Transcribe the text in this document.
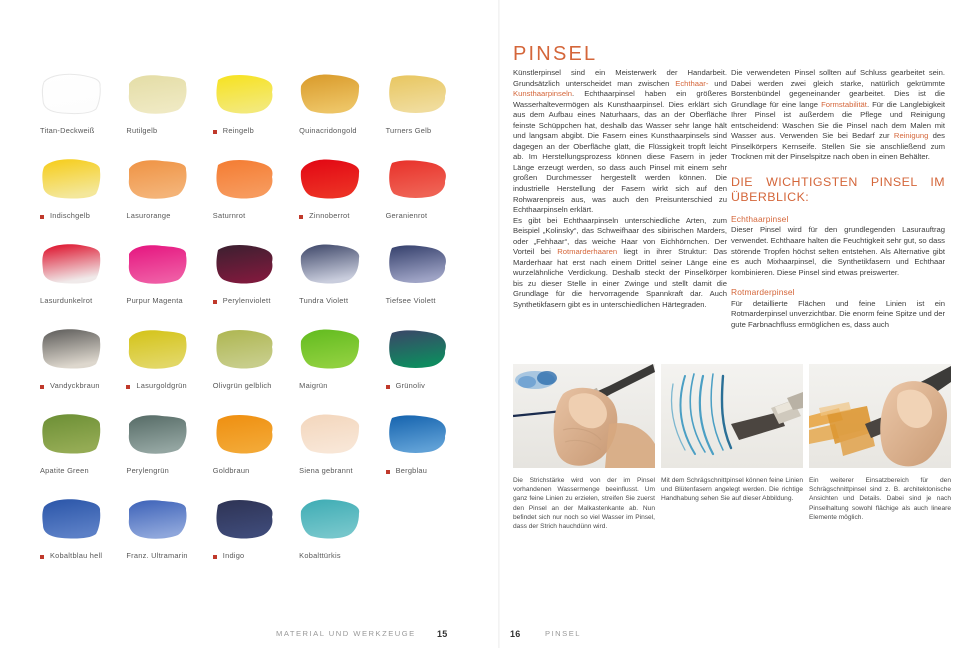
Titan-Deckweiß	Rutilgelb	Reingelb	Quinacridongold	Turners Gelb
Indischgelb	Lasurorange	Saturnrot	Zinnoberrot	Geranienrot
Lasurdunkelrot	Purpur Magenta	Perylenviolett	Tundra Violett	Tiefsee Violett
Vandyckbraun	Lasurgoldgrün	Olivgrün gelblich	Maigrün	Grünoliv
Apatite Green	Perylengrün	Goldbraun	Siena gebrannt	Bergblau
Kobaltblau hell	Franz. Ultramarin	Indigo	Kobalttürkis
MATERIAL UND WERKZEUGE 15
PINSEL

Künstlerpinsel sind ein Meisterwerk der Handarbeit. Grundsätzlich unterscheidet man zwischen Echthaar- und Kunsthaarpinseln. Echthaarpinsel haben ein größeres Wasserhaltevermögen als Kunsthaarpinsel. Dies erklärt sich aus dem Aufbau eines Naturhaars, das an der Oberfläche feinste Schüppchen hat, deshalb das Wasser sehr lange hält und langsam abgibt. Die Fasern eines Kunsthaarpinsels sind dagegen an der Oberfläche glatt, die Flüssigkeit tropft leicht ab. Im Herstellungsprozess können diese Fasern in jeder Länge erzeugt werden, so dass auch Pinsel mit einem sehr großen Durchmesser hergestellt werden können. Die industrielle Herstellung der Fasern wirkt sich auf den Rohwarenpreis aus, was auch den Preisunterschied zu Echthaarpinseln erklärt.

Es gibt bei Echthaarpinseln unterschiedliche Arten, zum Beispiel „Kolinsky“, das Schweifhaar des sibirischen Marders, oder „Fehhaar“, das weiche Haar von Eichhörnchen. Der Vorteil bei Rotmarderhaaren liegt in ihrer Struktur: Das Marderhaar hat erst nach einem Drittel seiner Länge eine wurzelähnliche Verdickung. Deshalb steckt der Pinselkörper bis zu dieser Stelle in einer Zwinge und stellt damit die Grundlage für die hervorragende Spannkraft dar. Auch Synthetikfasern gibt es in unterschiedlichen Härtegraden.

Die verwendeten Pinsel sollten auf Schluss gearbeitet sein. Dabei werden zwei gleich starke, natürlich gekrümmte Borstenbündel gegeneinander gearbeitet. Dies ist die Grundlage für eine lange Formstabilität. Für die Langlebigkeit Ihrer Pinsel ist außerdem die Pflege und Reinigung entscheidend: Waschen Sie die Pinsel nach dem Malen mit Wasser aus. Verwenden Sie bei Bedarf zur Reinigung des Pinselkörpers Kernseife. Stellen Sie sie anschließend zum Trocknen mit der Pinselspitze nach oben in einen Behälter.

DIE WICHTIGSTEN PINSEL IM ÜBERBLICK:
Echthaarpinsel

Dieser Pinsel wird für den grundlegenden Lasurauftrag verwendet. Echthaare halten die Feuchtigkeit sehr gut, so dass störende Tropfen höchst selten entstehen. Als Alternative gibt es auch Mixhaarpinsel, die Synthetikfasern und Echthaar kombinieren. Diese Pinsel sind etwas preiswerter.

Rotmarderpinsel

Für detaillierte Flächen und feine Linien ist ein Rotmarderpinsel unverzichtbar. Die enorm feine Spitze und der gute Farbnachfluss ermöglichen es, dass auch

Die Strichstärke wird von der im Pinsel vorhandenen Wassermenge beeinflusst. Um ganz feine Linien zu erzielen, streifen Sie zuerst den Pinsel an der Malkastenkante ab. Nun befindet sich nur noch so viel Wasser im Pinsel, dass der Strich hauchdünn wird.
Mit dem Schrägschnittpinsel können feine Linien und Blütenfasern angelegt werden. Die richtige Handhabung sehen Sie auf dieser Abbildung.
Ein weiterer Einsatzbereich für den Schrägschnittpinsel sind z. B. architektonische Ansichten und Details. Dabei sind je nach Pinselhaltung sowohl flächige als auch lineare Elemente möglich.
16	PINSEL
